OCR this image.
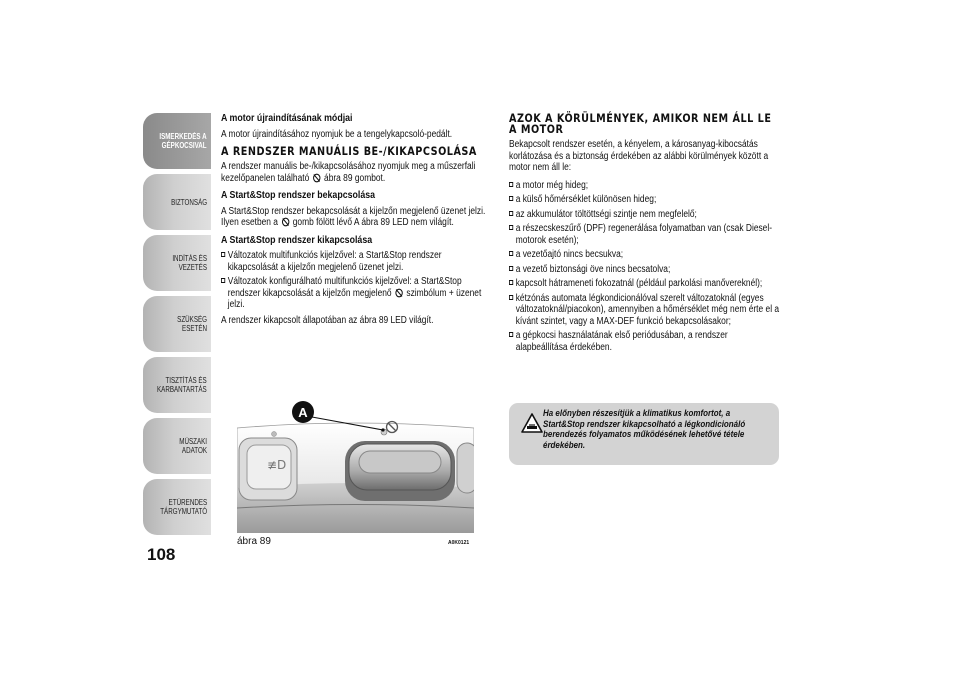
ISMERKEDÉS A
GÉPKOCSIVAL
BIZTONSÁG
INDÍTÁS ÉS VEZETÉS
SZÜKSÉG ESETÉN
TISZTÍTÁS ÉS
KARBANTARTÁS
MŰSZAKI ADATOK
ETŰRENDES
TÁRGYMUTATÓ
108
A motor újraindításának módjai

A motor újraindításához nyomjuk be a tengelykapcsoló-pedált.

A RENDSZER MANUÁLIS BE-/KIKAPCSOLÁSA

A rendszer manuális be-/kikapcsolásához nyomjuk meg a műszerfali kezelőpanelen található ábra 89 gombot.

A Start&Stop rendszer bekapcsolása

A Start&Stop rendszer bekapcsolását a kijelzőn megjelenő üzenet jelzi. Ilyen esetben a gomb fölött lévő A ábra 89 LED nem világít.

A Start&Stop rendszer kikapcsolása
Változatok multifunkciós kijelzővel: a Start&Stop rendszer kikapcsolását a kijelzőn megjelenő üzenet jelzi.
Változatok konfigurálható multifunkciós kijelzővel: a Start&Stop rendszer kikapcsolását a kijelzőn megjelenő szimbólum + üzenet jelzi.

A rendszer kikapcsolt állapotában az ábra 89 LED világít.

≢D
A
ábra 89	A0K0121
AZOK A KÖRÜLMÉNYEK, AMIKOR NEM ÁLL LE A MOTOR

Bekapcsolt rendszer esetén, a kényelem, a károsanyag-kibocsátás korlátozása és a biztonság érdekében az alábbi körülmények között a motor nem áll le:

a motor még hideg;
a külső hőmérséklet különösen hideg;
az akkumulátor töltöttségi szintje nem megfelelő;
a részecskeszűrő (DPF) regenerálása folyamatban van (csak Diesel-motorok esetén);
a vezetőajtó nincs becsukva;
a vezető biztonsági öve nincs becsatolva;
kapcsolt hátrameneti fokozatnál (például parkolási manővereknél);
kétzónás automata légkondicionálóval szerelt változatoknál (egyes változatoknál/piacokon), amennyiben a hőmérséklet még nem érte el a kívánt szintet, vagy a MAX-DEF funkció bekapcsolásakor;
a gépkocsi használatának első periódusában, a rendszer alapbeállítása érdekében.
Ha előnyben részesítjük a klimatikus komfortot, a Start&Stop rendszer kikapcsolható a légkondicionáló berendezés folyamatos működésének lehetővé tétele érdekében.
